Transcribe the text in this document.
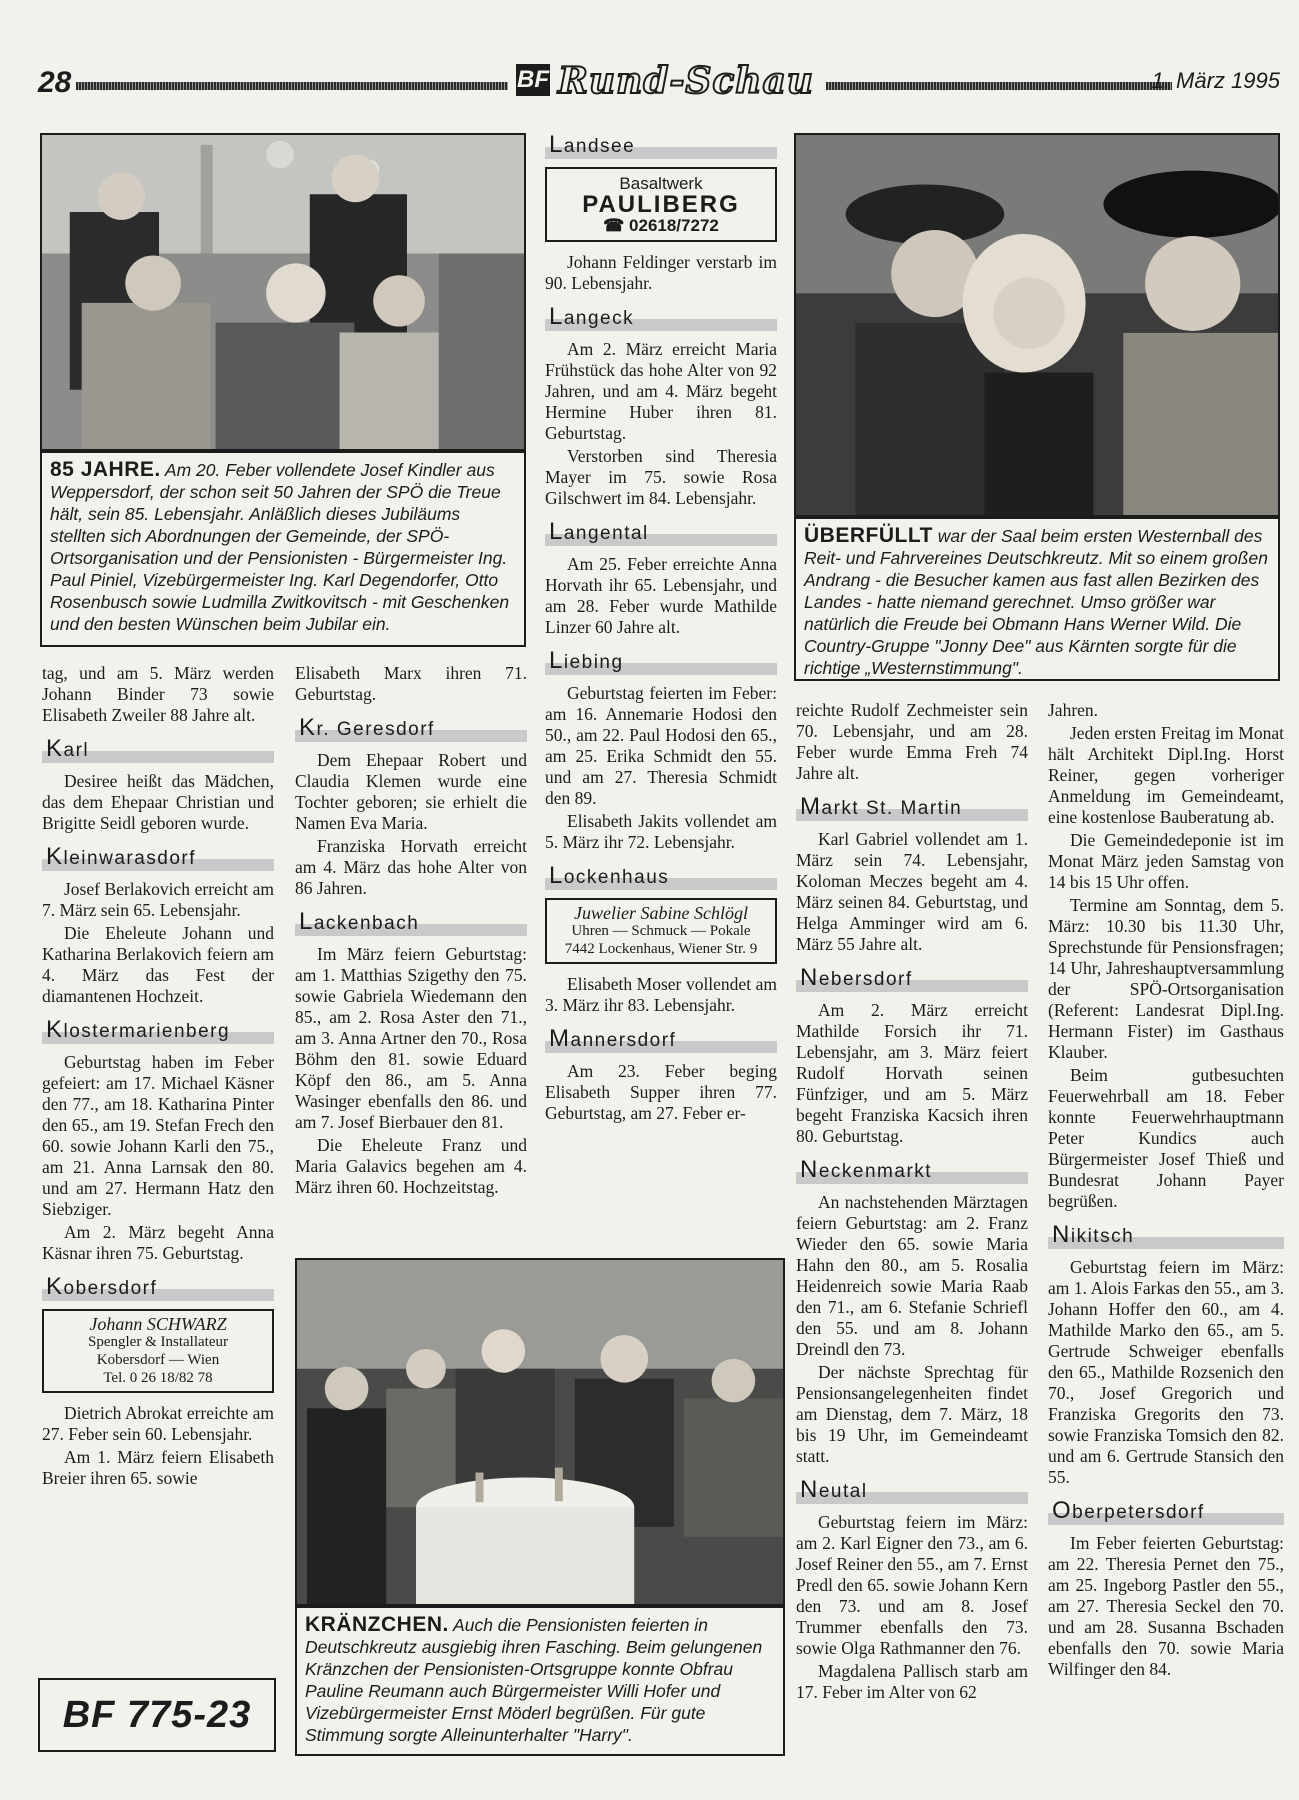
28	BF Rund-Schau	1. März 1995
85 JAHRE. Am 20. Feber vollendete Josef Kindler aus Weppersdorf, der schon seit 50 Jahren der SPÖ die Treue hält, sein 85. Lebensjahr. Anläßlich dieses Jubiläums stellten sich Abordnungen der Gemeinde, der SPÖ-Ortsorganisation und der Pensionisten - Bürgermeister Ing. Paul Piniel, Vizebürgermeister Ing. Karl Degendorfer, Otto Rosenbusch sowie Ludmilla Zwitkovitsch - mit Geschenken und den besten Wünschen beim Jubilar ein.
ÜBERFÜLLT war der Saal beim ersten Westernball des Reit- und Fahrvereines Deutschkreutz. Mit so einem großen Andrang - die Besucher kamen aus fast allen Bezirken des Landes - hatte niemand gerechnet. Umso größer war natürlich die Freude bei Obmann Hans Werner Wild. Die Country-Gruppe "Jonny Dee" aus Kärnten sorgte für die richtige „Westernstimmung".
KRÄNZCHEN. Auch die Pensionisten feierten in Deutschkreutz ausgiebig ihren Fasching. Beim gelungenen Kränzchen der Pensionisten-Ortsgruppe konnte Obfrau Pauline Reumann auch Bürgermeister Willi Hofer und Vizebürgermeister Ernst Möderl begrüßen. Für gute Stimmung sorgte Alleinunterhalter "Harry".

tag, und am 5. März werden Johann Binder 73 sowie Elisabeth Zweiler 88 Jahre alt.

Karl

Desiree heißt das Mädchen, das dem Ehepaar Christian und Brigitte Seidl geboren wurde.

Kleinwarasdorf

Josef Berlakovich erreicht am 7. März sein 65. Lebensjahr.

Die Eheleute Johann und Katharina Berlakovich feiern am 4. März das Fest der diamantenen Hochzeit.

Klostermarienberg

Geburtstag haben im Feber gefeiert: am 17. Michael Käsner den 77., am 18. Katharina Pinter den 65., am 19. Stefan Frech den 60. sowie Johann Karli den 75., am 21. Anna Larnsak den 80. und am 27. Hermann Hatz den Siebziger.

Am 2. März begeht Anna Käsnar ihren 75. Geburtstag.

Kobersdorf
Johann SCHWARZ
Spengler & Installateur
Kobersdorf — Wien
Tel. 0 26 18/82 78

Dietrich Abrokat erreichte am 27. Feber sein 60. Lebensjahr.

Am 1. März feiern Elisabeth Breier ihren 65. sowie

BF 775-23

Elisabeth Marx ihren 71. Geburtstag.

Kr. Geresdorf

Dem Ehepaar Robert und Claudia Klemen wurde eine Tochter geboren; sie erhielt die Namen Eva Maria.

Franziska Horvath erreicht am 4. März das hohe Alter von 86 Jahren.

Lackenbach

Im März feiern Geburtstag: am 1. Matthias Szigethy den 75. sowie Gabriela Wiedemann den 85., am 2. Rosa Aster den 71., am 3. Anna Artner den 70., Rosa Böhm den 81. sowie Eduard Köpf den 86., am 5. Anna Wasinger ebenfalls den 86. und am 7. Josef Bierbauer den 81.

Die Eheleute Franz und Maria Galavics begehen am 4. März ihren 60. Hochzeitstag.

Landsee
Basaltwerk
PAULIBERG
☎ 02618/7272

Johann Feldinger verstarb im 90. Lebensjahr.

Langeck

Am 2. März erreicht Maria Frühstück das hohe Alter von 92 Jahren, und am 4. März begeht Hermine Huber ihren 81. Geburtstag.

Verstorben sind Theresia Mayer im 75. sowie Rosa Gilschwert im 84. Lebensjahr.

Langental

Am 25. Feber erreichte Anna Horvath ihr 65. Lebensjahr, und am 28. Feber wurde Mathilde Linzer 60 Jahre alt.

Liebing

Geburtstag feierten im Feber: am 16. Annemarie Hodosi den 50., am 22. Paul Hodosi den 65., am 25. Erika Schmidt den 55. und am 27. Theresia Schmidt den 89.

Elisabeth Jakits vollendet am 5. März ihr 72. Lebensjahr.

Lockenhaus
Juwelier Sabine Schlögl
Uhren — Schmuck — Pokale
7442 Lockenhaus, Wiener Str. 9

Elisabeth Moser vollendet am 3. März ihr 83. Lebensjahr.

Mannersdorf

Am 23. Feber beging Elisabeth Supper ihren 77. Geburtstag, am 27. Feber er-

reichte Rudolf Zechmeister sein 70. Lebensjahr, und am 28. Feber wurde Emma Freh 74 Jahre alt.

Markt St. Martin

Karl Gabriel vollendet am 1. März sein 74. Lebensjahr, Koloman Meczes begeht am 4. März seinen 84. Geburtstag, und Helga Amminger wird am 6. März 55 Jahre alt.

Nebersdorf

Am 2. März erreicht Mathilde Forsich ihr 71. Lebensjahr, am 3. März feiert Rudolf Horvath seinen Fünfziger, und am 5. März begeht Franziska Kacsich ihren 80. Geburtstag.

Neckenmarkt

An nachstehenden Märztagen feiern Geburtstag: am 2. Franz Wieder den 65. sowie Maria Hahn den 80., am 5. Rosalia Heidenreich sowie Maria Raab den 71., am 6. Stefanie Schriefl den 55. und am 8. Johann Dreindl den 73.

Der nächste Sprechtag für Pensionsangelegenheiten findet am Dienstag, dem 7. März, 18 bis 19 Uhr, im Gemeindeamt statt.

Neutal

Geburtstag feiern im März: am 2. Karl Eigner den 73., am 6. Josef Reiner den 55., am 7. Ernst Predl den 65. sowie Johann Kern den 73. und am 8. Josef Trummer ebenfalls den 73. sowie Olga Rathmanner den 76.

Magdalena Pallisch starb am 17. Feber im Alter von 62

Jahren.

Jeden ersten Freitag im Monat hält Architekt Dipl.Ing. Horst Reiner, gegen vorheriger Anmeldung im Gemeindeamt, eine kostenlose Bauberatung ab.

Die Gemeindedeponie ist im Monat März jeden Samstag von 14 bis 15 Uhr offen.

Termine am Sonntag, dem 5. März: 10.30 bis 11.30 Uhr, Sprechstunde für Pensionsfragen; 14 Uhr, Jahreshauptversammlung der SPÖ-Ortsorganisation (Referent: Landesrat Dipl.Ing. Hermann Fister) im Gasthaus Klauber.

Beim gutbesuchten Feuerwehrball am 18. Feber konnte Feuerwehrhauptmann Peter Kundics auch Bürgermeister Josef Thieß und Bundesrat Johann Payer begrüßen.

Nikitsch

Geburtstag feiern im März: am 1. Alois Farkas den 55., am 3. Johann Hoffer den 60., am 4. Mathilde Marko den 65., am 5. Gertrude Schweiger ebenfalls den 65., Mathilde Rozsenich den 70., Josef Gregorich und Franziska Gregorits den 73. sowie Franziska Tomsich den 82. und am 6. Gertrude Stansich den 55.

Oberpetersdorf

Im Feber feierten Geburtstag: am 22. Theresia Pernet den 75., am 25. Ingeborg Pastler den 55., am 27. Theresia Seckel den 70. und am 28. Susanna Bschaden ebenfalls den 70. sowie Maria Wilfinger den 84.
